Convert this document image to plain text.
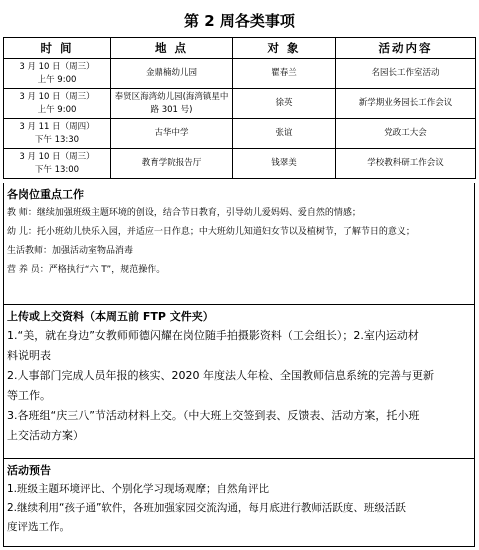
第 2 周各类事项
时 间	地 点	对 象	活动内容

3 月 10 日（周三）
上午 9:00	金鼎楠幼儿园	瞿春兰	名园长工作室活动

3 月 10 日（周三）
上午 9:00	奉贤区海湾幼儿园(海湾镇星中路 301 号)	徐英	新学期业务园长工作会议

3 月 11 日（周四）
下午 13:30	古华中学	张谊	党政工大会

3 月 10 日（周三）
下午 13:00	教育学院报告厅	钱翠美	学校教科研工作会议
各岗位重点工作
教 师：继续加强班级主题环境的创设，结合节日教育，引导幼儿爱妈妈、爱自然的情感；
幼 儿：托小班幼儿快乐入园，并适应一日作息；中大班幼儿知道妇女节以及植树节，了解节日的意义；
生活教师：加强活动室物品消毒
营 养 员：严格执行“六 T”，规范操作。
上传或上交资料（本周五前 FTP 文件夹）
1.“美，就在身边”女教师师德闪耀在岗位随手拍摄影资料（工会组长）；2.室内运动材
料说明表
2.人事部门完成人员年报的核实、2020 年度法人年检、全国教师信息系统的完善与更新
等工作。
3.各班组“庆三八”节活动材料上交。（中大班上交签到表、反馈表、活动方案，托小班
上交活动方案）
活动预告
1.班级主题环境评比、个别化学习现场观摩；自然角评比
2.继续利用“孩子通”软件，各班加强家园交流沟通，每月底进行教师活跃度、班级活跃
度评选工作。
